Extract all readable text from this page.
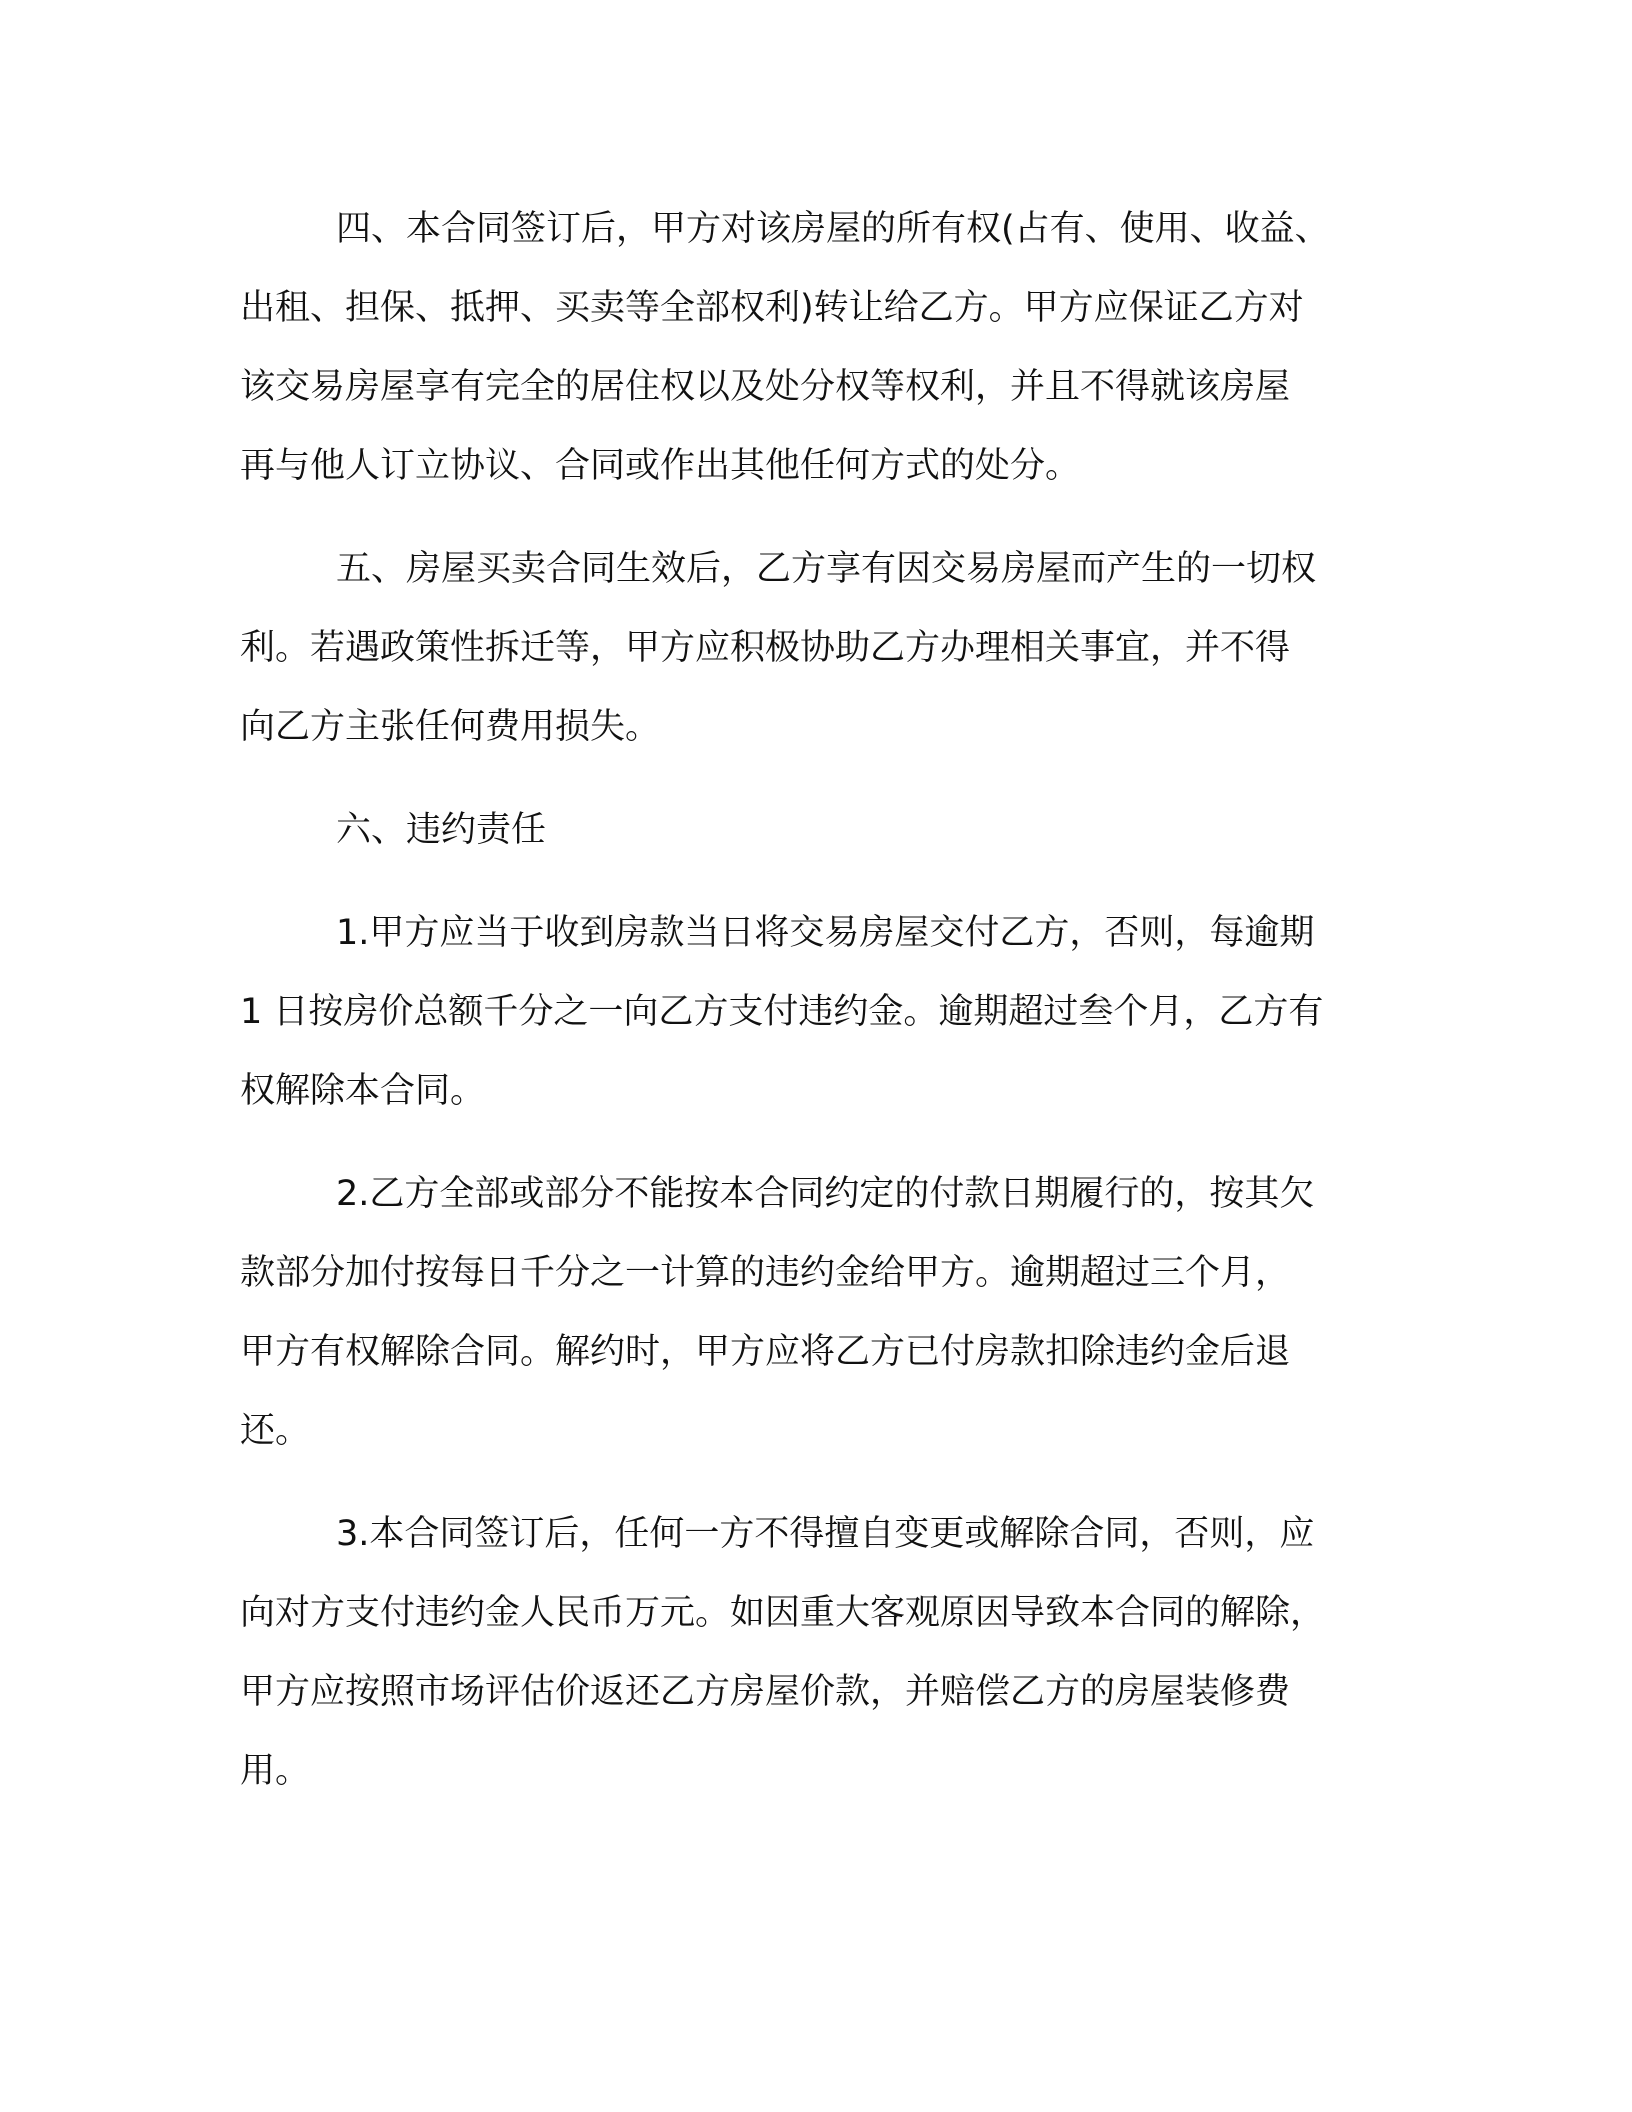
四、本合同签订后，甲方对该房屋的所有权(占有、使用、收益、
出租、担保、抵押、买卖等全部权利)转让给乙方。甲方应保证乙方对
该交易房屋享有完全的居住权以及处分权等权利，并且不得就该房屋
再与他人订立协议、合同或作出其他任何方式的处分。
五、房屋买卖合同生效后，乙方享有因交易房屋而产生的一切权
利。若遇政策性拆迁等，甲方应积极协助乙方办理相关事宜，并不得
向乙方主张任何费用损失。
六、违约责任
1.甲方应当于收到房款当日将交易房屋交付乙方，否则，每逾期
1 日按房价总额千分之一向乙方支付违约金。逾期超过叁个月，乙方有
权解除本合同。
2.乙方全部或部分不能按本合同约定的付款日期履行的，按其欠
款部分加付按每日千分之一计算的违约金给甲方。逾期超过三个月，
甲方有权解除合同。解约时，甲方应将乙方已付房款扣除违约金后退
还。
3.本合同签订后，任何一方不得擅自变更或解除合同，否则，应
向对方支付违约金人民币万元。如因重大客观原因导致本合同的解除，
甲方应按照市场评估价返还乙方房屋价款，并赔偿乙方的房屋装修费
用。
